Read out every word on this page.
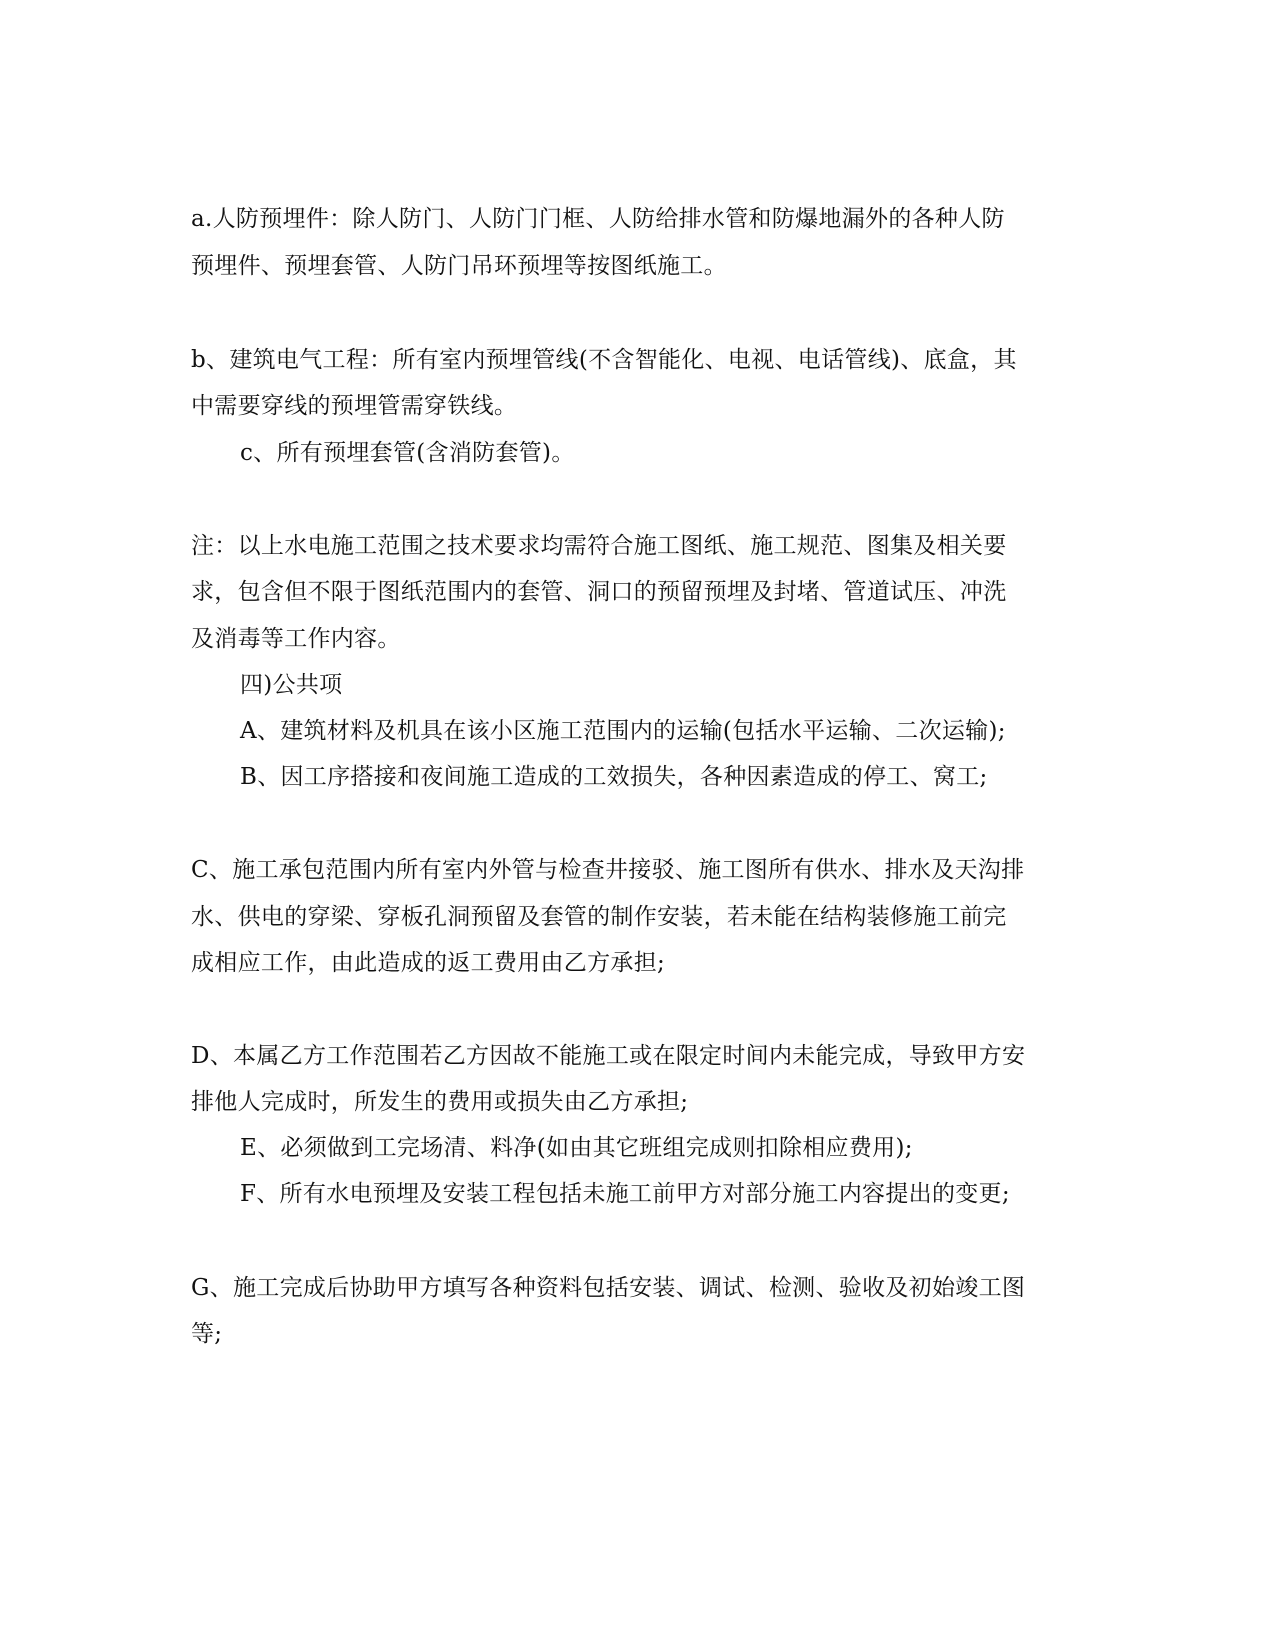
a.人防预埋件：除人防门、人防门门框、人防给排水管和防爆地漏外的各种人防
预埋件、预埋套管、人防门吊环预埋等按图纸施工。
b、建筑电气工程：所有室内预埋管线(不含智能化、电视、电话管线)、底盒，其
中需要穿线的预埋管需穿铁线。
c、所有预埋套管(含消防套管)。
注：以上水电施工范围之技术要求均需符合施工图纸、施工规范、图集及相关要
求，包含但不限于图纸范围内的套管、洞口的预留预埋及封堵、管道试压、冲洗
及消毒等工作内容。
四)公共项
A、建筑材料及机具在该小区施工范围内的运输(包括水平运输、二次运输);
B、因工序搭接和夜间施工造成的工效损失，各种因素造成的停工、窝工;
C、施工承包范围内所有室内外管与检查井接驳、施工图所有供水、排水及天沟排
水、供电的穿梁、穿板孔洞预留及套管的制作安装，若未能在结构装修施工前完
成相应工作，由此造成的返工费用由乙方承担;
D、本属乙方工作范围若乙方因故不能施工或在限定时间内未能完成，导致甲方安
排他人完成时，所发生的费用或损失由乙方承担;
E、必须做到工完场清、料净(如由其它班组完成则扣除相应费用);
F、所有水电预埋及安装工程包括未施工前甲方对部分施工内容提出的变更;
G、施工完成后协助甲方填写各种资料包括安装、调试、检测、验收及初始竣工图
等;
